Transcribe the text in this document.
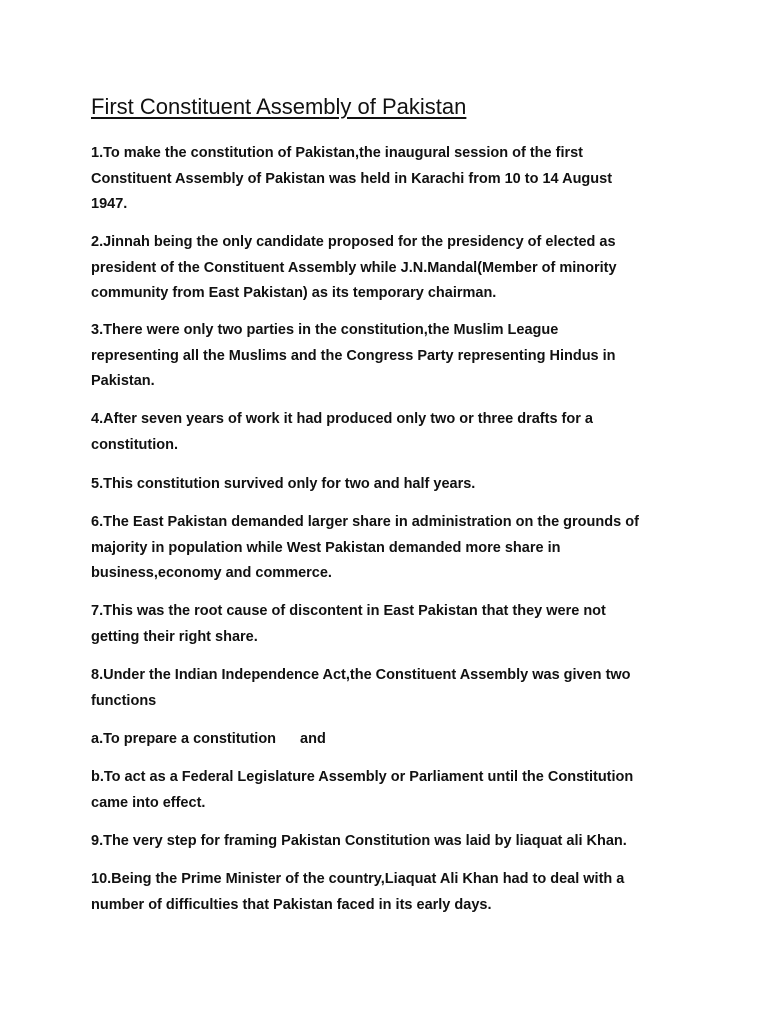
First Constituent Assembly of Pakistan

1.To make the constitution of Pakistan,the inaugural session of the first
Constituent Assembly of Pakistan was held in Karachi from 10 to 14 August
1947.

2.Jinnah being the only candidate proposed for the presidency of elected as
president of the Constituent Assembly while J.N.Mandal(Member of minority
community from East Pakistan) as its temporary chairman.

3.There were only two parties in the constitution,the Muslim League
representing all the Muslims and the Congress Party representing Hindus in
Pakistan.

4.After seven years of work it had produced only two or three drafts for a
constitution.

5.This constitution survived only for two and half years.

6.The East Pakistan demanded larger share in administration on the grounds of
majority in population while West Pakistan demanded more share in
business,economy and commerce.

7.This was the root cause of discontent in East Pakistan that they were not
getting their right share.

8.Under the Indian Independence Act,the Constituent Assembly was given two
functions

a.To prepare a constitution and

b.To act as a Federal Legislature Assembly or Parliament until the Constitution
came into effect.

9.The very step for framing Pakistan Constitution was laid by liaquat ali Khan.

10.Being the Prime Minister of the country,Liaquat Ali Khan had to deal with a
number of difficulties that Pakistan faced in its early days.
